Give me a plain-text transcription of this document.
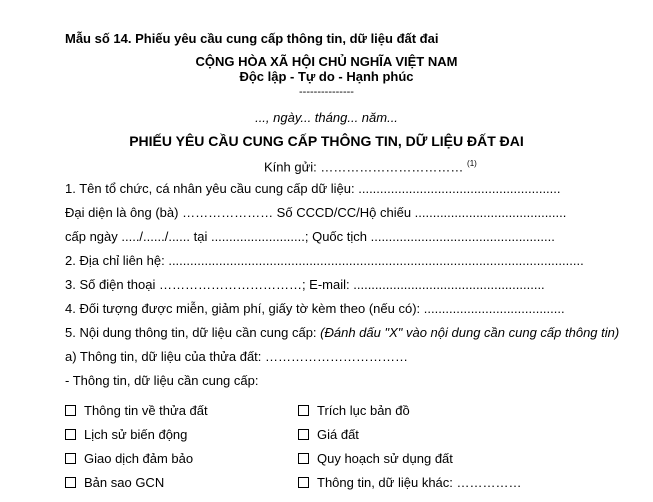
Mẫu số 14. Phiếu yêu cầu cung cấp thông tin, dữ liệu đất đai
CỘNG HÒA XÃ HỘI CHỦ NGHĨA VIỆT NAM
Độc lập - Tự do - Hạnh phúc
---------------
..., ngày... tháng... năm...
PHIẾU YÊU CẦU CUNG CẤP THÔNG TIN, DỮ LIỆU ĐẤT ĐAI
Kính gửi: …………………………… $^{(1)}$
1. Tên tổ chức, cá nhân yêu cầu cung cấp dữ liệu: ........................................................
Đại diện là ông (bà) ………………… Số CCCD/CC/Hộ chiếu ..........................................
cấp ngày ...../....../...... tại ..........................; Quốc tịch ...................................................
2. Địa chỉ liên hệ: ...................................................................................................................
3. Số điện thoại ……………………………; E-mail: .....................................................
4. Đối tượng được miễn, giảm phí, giấy tờ kèm theo (nếu có): .......................................
5. Nội dung thông tin, dữ liệu cần cung cấp: (Đánh dấu "X" vào nội dung cần cung cấp thông tin)
a) Thông tin, dữ liệu của thửa đất: ……………………………
- Thông tin, dữ liệu cần cung cấp:
Thông tin về thửa đất
Lịch sử biến động
Giao dịch đảm bảo
Bản sao GCN
Trích lục bản đồ
Giá đất
Quy hoạch sử dụng đất
Thông tin, dữ liệu khác: ……………
